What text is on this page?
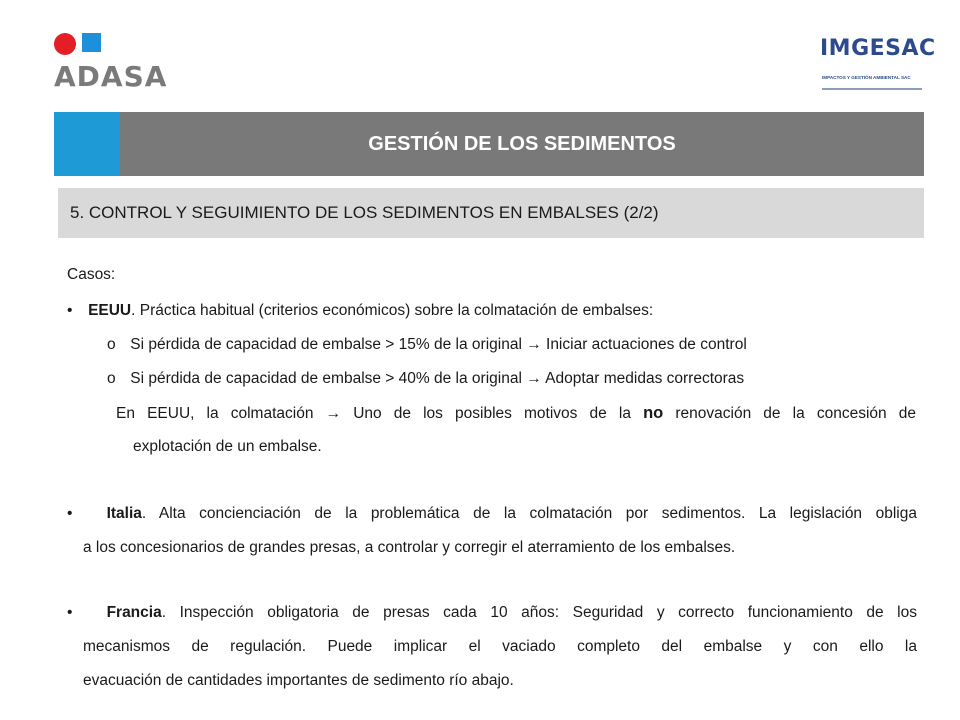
ADASA
IMGESAC
IMPACTOS Y GESTIÓN AMBIENTAL SAC
GESTIÓN DE LOS SEDIMENTOS
5. CONTROL Y SEGUIMIENTO DE LOS SEDIMENTOS EN EMBALSES (2/2)
Casos:
• EEUU. Práctica habitual (criterios económicos) sobre la colmatación de embalses:
o Si pérdida de capacidad de embalse > 15% de la original → Iniciar actuaciones de control
o Si pérdida de capacidad de embalse > 40% de la original → Adoptar medidas correctoras
En EEUU, la colmatación → Uno de los posibles motivos de la no renovación de la concesión de
explotación de un embalse.
• Italia. Alta concienciación de la problemática de la colmatación por sedimentos. La legislación obliga
a los concesionarios de grandes presas, a controlar y corregir el aterramiento de los embalses.
• Francia. Inspección obligatoria de presas cada 10 años: Seguridad y correcto funcionamiento de los
mecanismos de regulación. Puede implicar el vaciado completo del embalse y con ello la
evacuación de cantidades importantes de sedimento río abajo.
